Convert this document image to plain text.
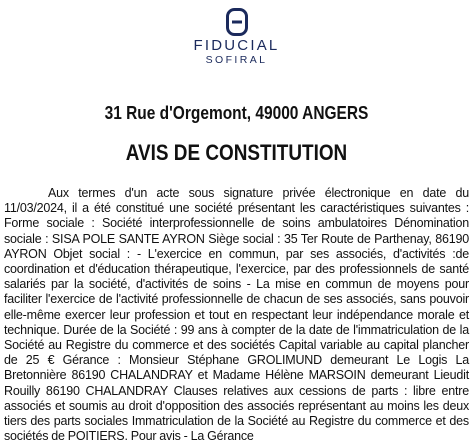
FIDUCIAL
SOFIRAL
31 Rue d'Orgemont, 49000 ANGERS
AVIS DE CONSTITUTION

Aux termes d'un acte sous signature privée électronique en date du 11/03/2024, il a été constitué une société présentant les caractéristiques suivantes : Forme sociale : Société interprofessionnelle de soins ambulatoires Dénomination sociale : SISA POLE SANTE AYRON Siège social : 35 Ter Route de Parthenay, 86190 AYRON Objet social : - L'exercice en commun, par ses associés, d'activités :de coordination et d'éducation thérapeutique, l'exercice, par des professionnels de santé salariés par la société, d'activités de soins - La mise en commun de moyens pour faciliter l'exercice de l'activité professionnelle de chacun de ses associés, sans pouvoir elle-même exercer leur profession et tout en respectant leur indépendance morale et technique. Durée de la Société : 99 ans à compter de la date de l'immatriculation de la Société au Registre du commerce et des sociétés Capital variable au capital plancher de 25 € Gérance : Monsieur Stéphane GROLIMUND demeurant Le Logis La Bretonnière 86190 CHALANDRAY et Madame Hélène MARSOIN demeurant Lieudit Rouilly 86190 CHALANDRAY Clauses relatives aux cessions de parts : libre entre associés et soumis au droit d'opposition des associés représentant au moins les deux tiers des parts sociales Immatriculation de la Société au Registre du commerce et des sociétés de POITIERS. Pour avis - La Gérance
